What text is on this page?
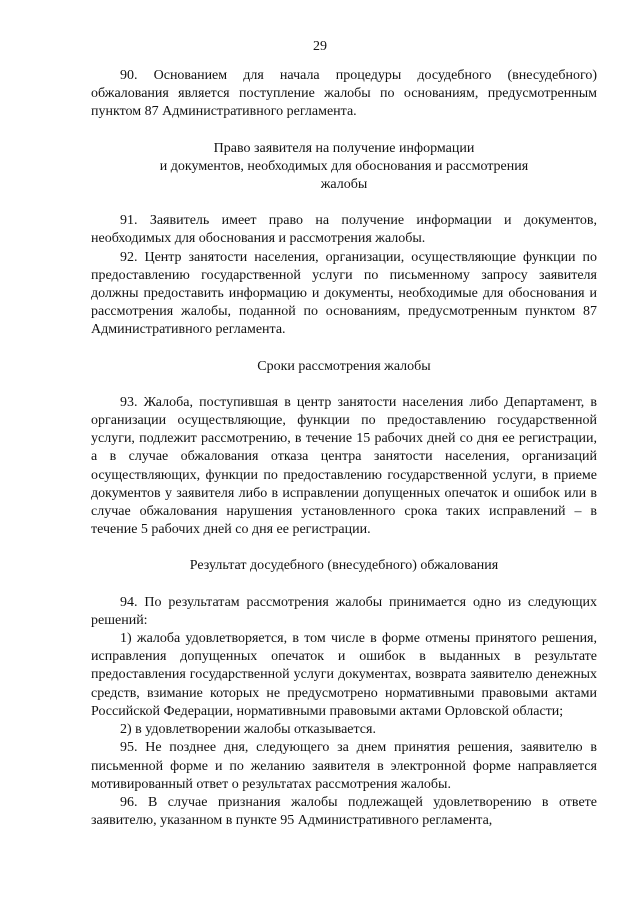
29

90. Основанием для начала процедуры досудебного (внесудебного) обжалования является поступление жалобы по основаниям, предусмотренным пунктом 87 Административного регламента.

Право заявителя на получение информации
и документов, необходимых для обоснования и рассмотрения
жалобы

91. Заявитель имеет право на получение информации и документов, необходимых для обоснования и рассмотрения жалобы.

92. Центр занятости населения, организации, осуществляющие функции по предоставлению государственной услуги по письменному запросу заявителя должны предоставить информацию и документы, необходимые для обоснования и рассмотрения жалобы, поданной по основаниям, предусмотренным пунктом 87 Административного регламента.

Сроки рассмотрения жалобы

93. Жалоба, поступившая в центр занятости населения либо Департамент, в организации осуществляющие, функции по предоставлению государственной услуги, подлежит рассмотрению, в течение 15 рабочих дней со дня ее регистрации, а в случае обжалования отказа центра занятости населения, организаций осуществляющих, функции по предоставлению государственной услуги, в приеме документов у заявителя либо в исправлении допущенных опечаток и ошибок или в случае обжалования нарушения установленного срока таких исправлений – в течение 5 рабочих дней со дня ее регистрации.

Результат досудебного (внесудебного) обжалования

94. По результатам рассмотрения жалобы принимается одно из следующих решений:

1) жалоба удовлетворяется, в том числе в форме отмены принятого решения, исправления допущенных опечаток и ошибок в выданных в результате предоставления государственной услуги документах, возврата заявителю денежных средств, взимание которых не предусмотрено нормативными правовыми актами Российской Федерации, нормативными правовыми актами Орловской области;

2) в удовлетворении жалобы отказывается.

95. Не позднее дня, следующего за днем принятия решения, заявителю в письменной форме и по желанию заявителя в электронной форме направляется мотивированный ответ о результатах рассмотрения жалобы.

96. В случае признания жалобы подлежащей удовлетворению в ответе заявителю, указанном в пункте 95 Административного регламента,
